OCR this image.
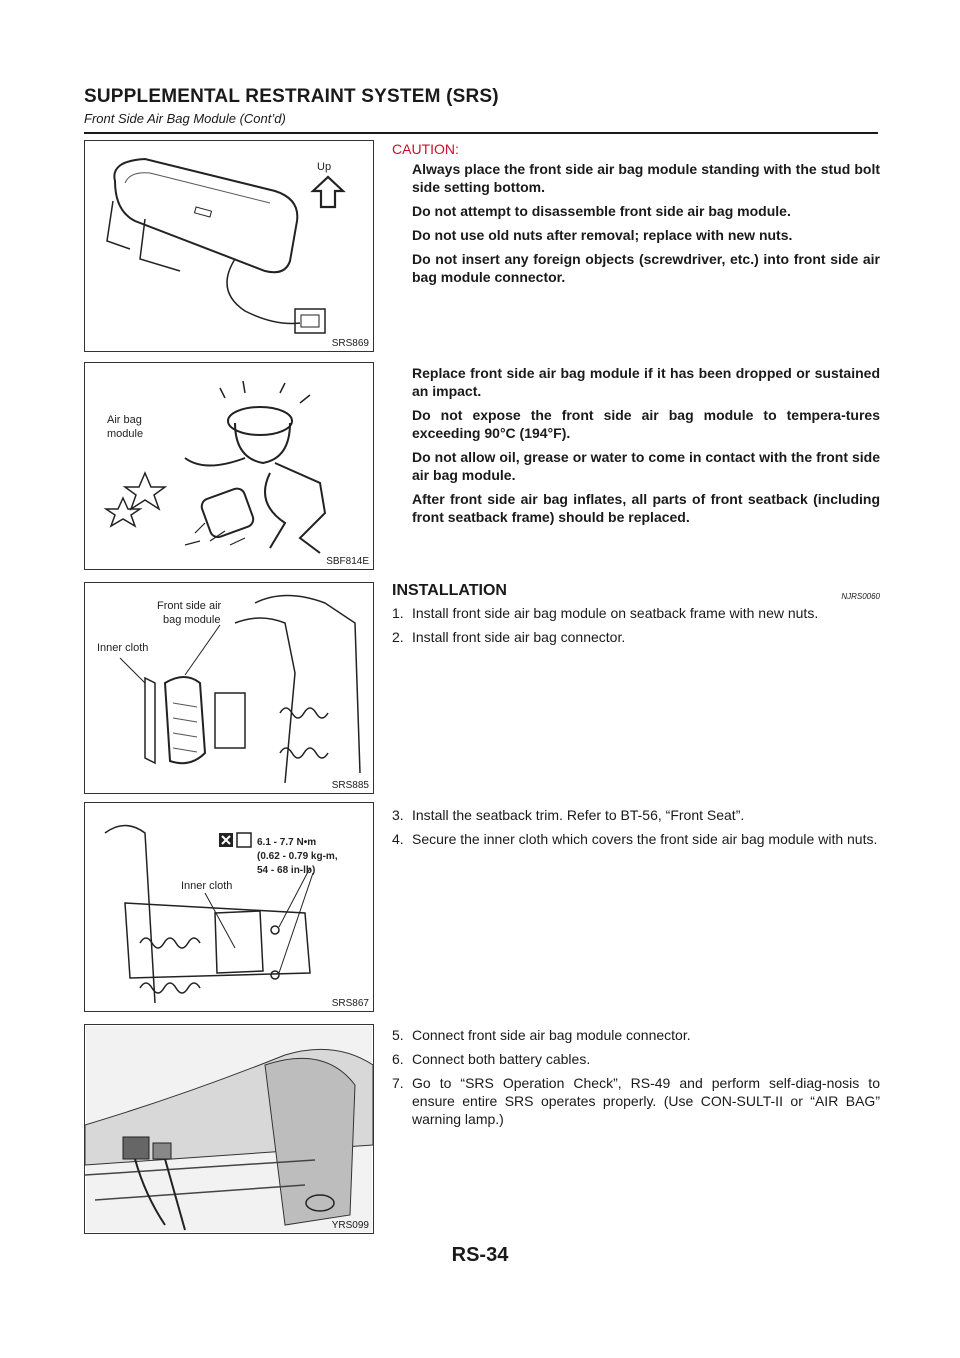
SUPPLEMENTAL RESTRAINT SYSTEM (SRS)
Front Side Air Bag Module (Cont’d)
Up
SRS869
Air bag
module
SBF814E
Front side air
bag module
Inner cloth
SRS885
6.1 - 7.7 N•m
(0.62 - 0.79 kg-m,
54 - 68 in-lb)
Inner cloth
SRS867
YRS099
CAUTION:

Always place the front side air bag module standing with the stud bolt side setting bottom.

Do not attempt to disassemble front side air bag module.

Do not use old nuts after removal; replace with new nuts.

Do not insert any foreign objects (screwdriver, etc.) into front side air bag module connector.

Replace front side air bag module if it has been dropped or sustained an impact.

Do not expose the front side air bag module to tempera-tures exceeding 90°C (194°F).

Do not allow oil, grease or water to come in contact with the front side air bag module.

After front side air bag inflates, all parts of front seatback (including front seatback frame) should be replaced.

INSTALLATION	NJRS0060

1. Install front side air bag module on seatback frame with new nuts.

2. Install front side air bag connector.

3. Install the seatback trim. Refer to BT-56, “Front Seat”.

4. Secure the inner cloth which covers the front side air bag module with nuts.

5. Connect front side air bag module connector.

6. Connect both battery cables.

7. Go to “SRS Operation Check”, RS-49 and perform self-diag-nosis to ensure entire SRS operates properly. (Use CON-SULT-II or “AIR BAG” warning lamp.)

RS-34
